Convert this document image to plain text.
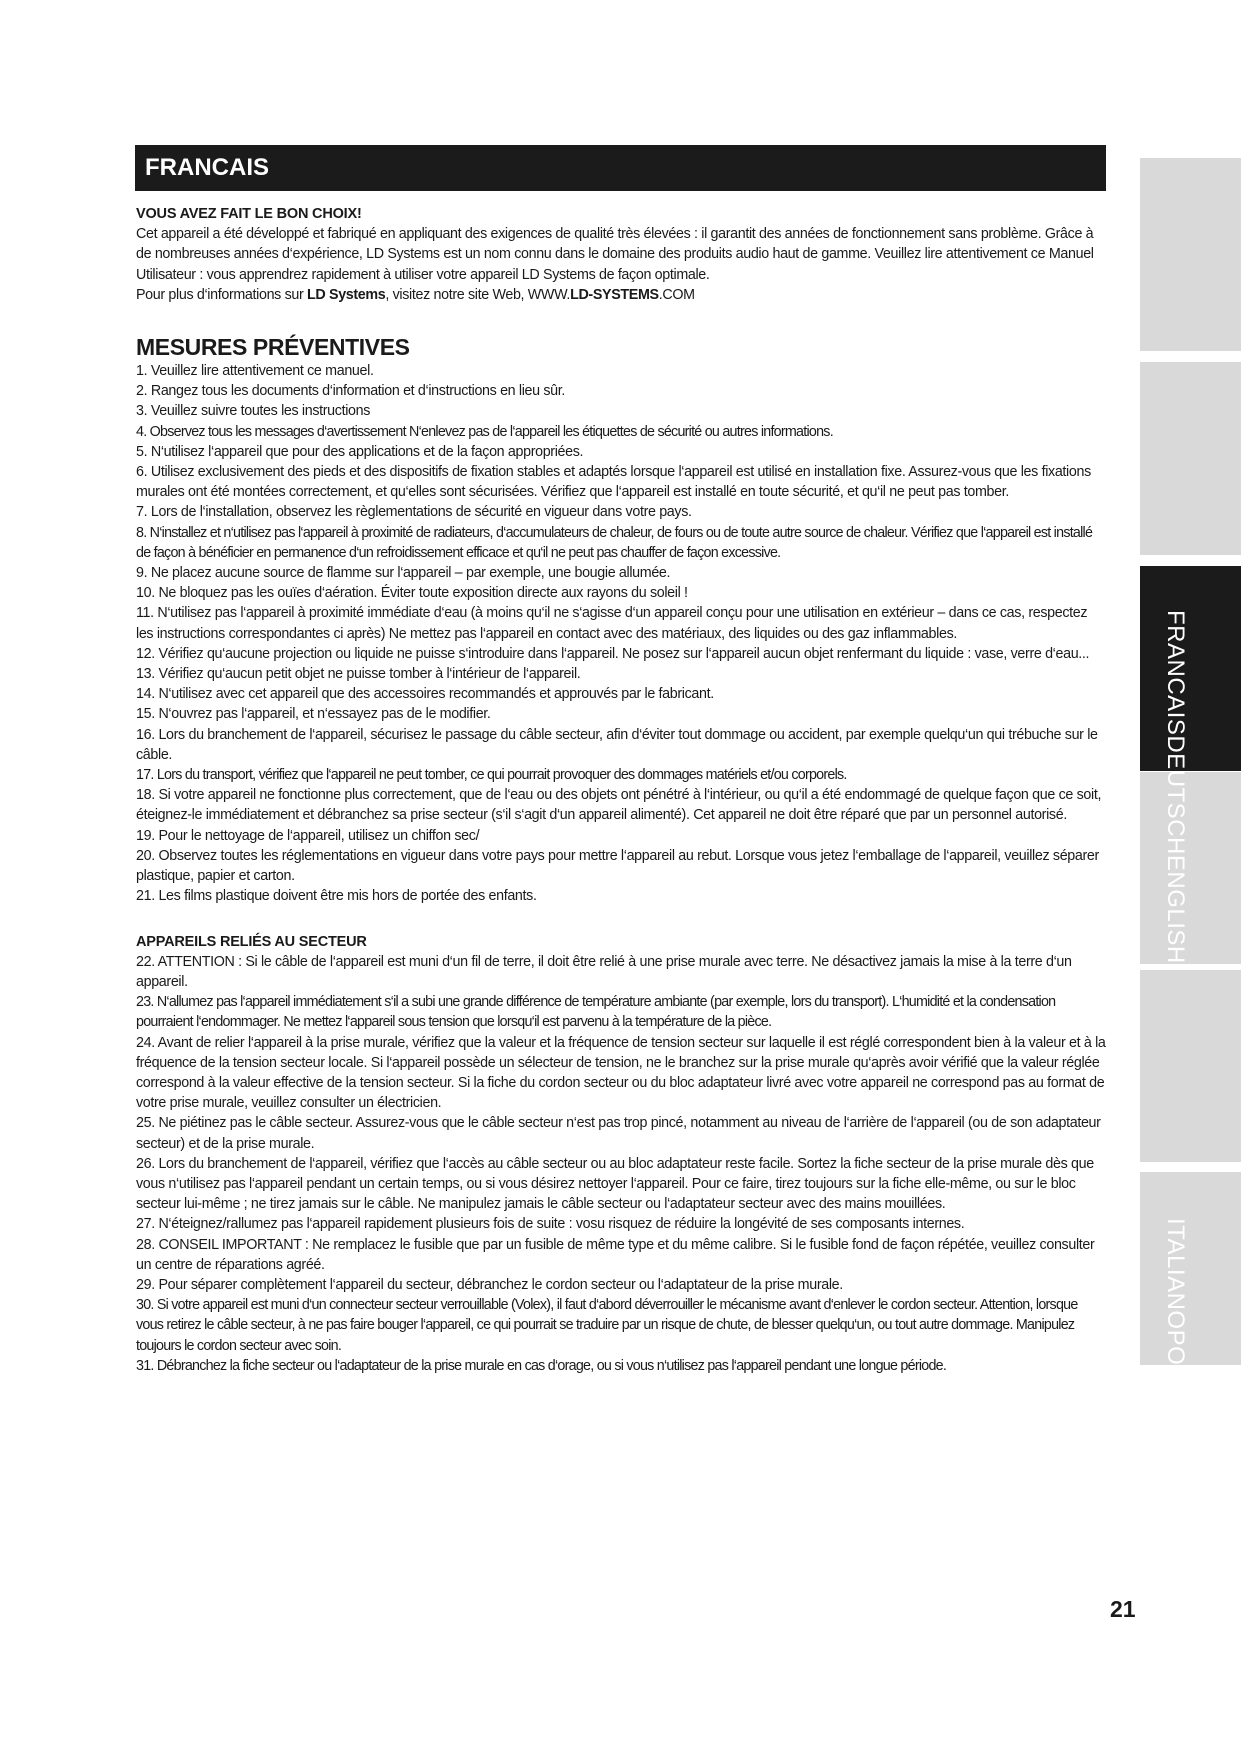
FRANCAISDEUTSCHENGLISH
ITALIANOPOLS
FRANCAIS

VOUS AVEZ FAIT LE BON CHOIX!

Cet appareil a été développé et fabriqué en appliquant des exigences de qualité très élevées : il garantit des années de fonctionnement sans problème. Grâce à de nombreuses années d‘expérience, LD Systems est un nom connu dans le domaine des produits audio haut de gamme. Veuillez lire attentivement ce Manuel Utilisateur : vous apprendrez rapidement à utiliser votre appareil LD Systems de façon optimale.

Pour plus d‘informations sur LD Systems, visitez notre site Web, WWW.LD-SYSTEMS.COM

MESURES PRÉVENTIVES

1. Veuillez lire attentivement ce manuel.

2. Rangez tous les documents d‘information et d‘instructions en lieu sûr.

3. Veuillez suivre toutes les instructions

4. Observez tous les messages d‘avertissement N‘enlevez pas de l‘appareil les étiquettes de sécurité ou autres informations.

5. N‘utilisez l‘appareil que pour des applications et de la façon appropriées.

6. Utilisez exclusivement des pieds et des dispositifs de fixation stables et adaptés lorsque l‘appareil est utilisé en installation fixe. Assurez-vous que les fixations murales ont été montées correctement, et qu‘elles sont sécurisées. Vérifiez que l‘appareil est installé en toute sécurité, et qu‘il ne peut pas tomber.

7. Lors de l‘installation, observez les règlementations de sécurité en vigueur dans votre pays.

8. N‘installez et n‘utilisez pas l‘appareil à proximité de radiateurs, d‘accumulateurs de chaleur, de fours ou de toute autre source de chaleur. Vérifiez que l‘appareil est installé de façon à bénéficier en permanence d‘un refroidissement efficace et qu‘il ne peut pas chauffer de façon excessive.

9. Ne placez aucune source de flamme sur l‘appareil – par exemple, une bougie allumée.

10. Ne bloquez pas les ouïes d‘aération. Éviter toute exposition directe aux rayons du soleil !

11. N‘utilisez pas l‘appareil à proximité immédiate d‘eau (à moins qu‘il ne s‘agisse d‘un appareil conçu pour une utilisation en extérieur – dans ce cas, respectez les instructions correspondantes ci après) Ne mettez pas l‘appareil en contact avec des matériaux, des liquides ou des gaz inflammables.

12. Vérifiez qu‘aucune projection ou liquide ne puisse s‘introduire dans l‘appareil. Ne posez sur l‘appareil aucun objet renfermant du liquide : vase, verre d‘eau...

13. Vérifiez qu‘aucun petit objet ne puisse tomber à l‘intérieur de l‘appareil.

14. N‘utilisez avec cet appareil que des accessoires recommandés et approuvés par le fabricant.

15. N‘ouvrez pas l‘appareil, et n‘essayez pas de le modifier.

16. Lors du branchement de l‘appareil, sécurisez le passage du câble secteur, afin d‘éviter tout dommage ou accident, par exemple quelqu‘un qui trébuche sur le câble.

17. Lors du transport, vérifiez que l‘appareil ne peut tomber, ce qui pourrait provoquer des dommages matériels et/ou corporels.

18. Si votre appareil ne fonctionne plus correctement, que de l‘eau ou des objets ont pénétré à l‘intérieur, ou qu‘il a été endommagé de quelque façon que ce soit, éteignez-le immédiatement et débranchez sa prise secteur (s‘il s‘agit d‘un appareil alimenté). Cet appareil ne doit être réparé que par un personnel autorisé.

19. Pour le nettoyage de l‘appareil, utilisez un chiffon sec/

20. Observez toutes les réglementations en vigueur dans votre pays pour mettre l‘appareil au rebut. Lorsque vous jetez l‘emballage de l‘appareil, veuillez séparer plastique, papier et carton.

21. Les films plastique doivent être mis hors de portée des enfants.

APPAREILS RELIÉS AU SECTEUR

22. ATTENTION : Si le câble de l‘appareil est muni d‘un fil de terre, il doit être relié à une prise murale avec terre. Ne désactivez jamais la mise à la terre d‘un appareil.

23. N‘allumez pas l‘appareil immédiatement s‘il a subi une grande différence de température ambiante (par exemple, lors du transport). L‘humidité et la condensation pourraient l‘endommager. Ne mettez l‘appareil sous tension que lorsqu‘il est parvenu à la température de la pièce.

24. Avant de relier l‘appareil à la prise murale, vérifiez que la valeur et la fréquence de tension secteur sur laquelle il est réglé correspondent bien à la valeur et à la fréquence de la tension secteur locale. Si l‘appareil possède un sélecteur de tension, ne le branchez sur la prise murale qu‘après avoir vérifié que la valeur réglée correspond à la valeur effective de la tension secteur. Si la fiche du cordon secteur ou du bloc adaptateur livré avec votre appareil ne correspond pas au format de votre prise murale, veuillez consulter un électricien.

25. Ne piétinez pas le câble secteur. Assurez-vous que le câble secteur n‘est pas trop pincé, notamment au niveau de l‘arrière de l‘appareil (ou de son adaptateur secteur) et de la prise murale.

26. Lors du branchement de l‘appareil, vérifiez que l‘accès au câble secteur ou au bloc adaptateur reste facile. Sortez la fiche secteur de la prise murale dès que vous n‘utilisez pas l‘appareil pendant un certain temps, ou si vous désirez nettoyer l‘appareil. Pour ce faire, tirez toujours sur la fiche elle-même, ou sur le bloc secteur lui-même ; ne tirez jamais sur le câble. Ne manipulez jamais le câble secteur ou l‘adaptateur secteur avec des mains mouillées.

27. N‘éteignez/rallumez pas l‘appareil rapidement plusieurs fois de suite : vosu risquez de réduire la longévité de ses composants internes.

28. CONSEIL IMPORTANT : Ne remplacez le fusible que par un fusible de même type et du même calibre. Si le fusible fond de façon répétée, veuillez consulter un centre de réparations agréé.

29. Pour séparer complètement l‘appareil du secteur, débranchez le cordon secteur ou l‘adaptateur de la prise murale.

30. Si votre appareil est muni d‘un connecteur secteur verrouillable (Volex), il faut d‘abord déverrouiller le mécanisme avant d‘enlever le cordon secteur. Attention, lorsque vous retirez le câble secteur, à ne pas faire bouger l‘appareil, ce qui pourrait se traduire par un risque de chute, de blesser quelqu‘un, ou tout autre dommage. Manipulez toujours le cordon secteur avec soin.

31. Débranchez la fiche secteur ou l‘adaptateur de la prise murale en cas d‘orage, ou si vous n‘utilisez pas l‘appareil pendant une longue période.

21
